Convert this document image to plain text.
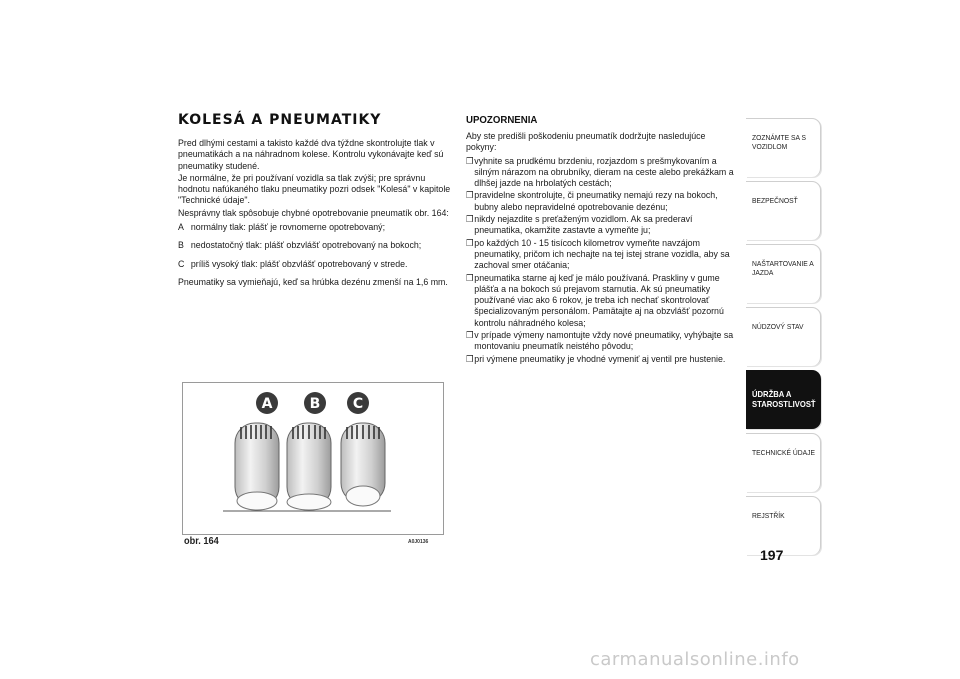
KOLESÁ A PNEUMATIKY

Pred dlhými cestami a takisto každé dva týždne skontrolujte tlak v pneumatikách a na náhradnom kolese. Kontrolu vykonávajte keď sú pneumatiky studené.

Je normálne, že pri používaní vozidla sa tlak zvýši; pre správnu hodnotu nafúkaného tlaku pneumatiky pozri odsek "Kolesá" v kapitole "Technické údaje".

Nesprávny tlak spôsobuje chybné opotrebovanie pneumatík obr. 164:

A normálny tlak: plášť je rovnomerne opotrebovaný;
B nedostatočný tlak: plášť obzvlášť opotrebovaný na bokoch;
C príliš vysoký tlak: plášť obzvlášť opotrebovaný v strede.

Pneumatiky sa vymieňajú, keď sa hrúbka dezénu zmenší na 1,6 mm.

A	B C
obr. 164	A0J0136
UPOZORNENIA

Aby ste predišli poškodeniu pneumatík dodržujte nasledujúce pokyny:

❒ vyhnite sa prudkému brzdeniu, rozjazdom s prešmykovaním a silným nárazom na obrubníky, dieram na ceste alebo prekážkam a dlhšej jazde na hrbolatých cestách;
❒ pravidelne skontrolujte, či pneumatiky nemajú rezy na bokoch, bubny alebo nepravidelné opotrebovanie dezénu;
❒ nikdy nejazdite s preťaženým vozidlom. Ak sa prederaví pneumatika, okamžite zastavte a vymeňte ju;
❒ po každých 10 - 15 tisícoch kilometrov vymeňte navzájom pneumatiky, pričom ich nechajte na tej istej strane vozidla, aby sa zachoval smer otáčania;
❒ pneumatika starne aj keď je málo používaná. Praskliny v gume plášťa a na bokoch sú prejavom starnutia. Ak sú pneumatiky používané viac ako 6 rokov, je treba ich nechať skontrolovať špecializovaným personálom. Pamätajte aj na obzvlášť pozornú kontrolu náhradného kolesa;
❒ v prípade výmeny namontujte vždy nové pneumatiky, vyhýbajte sa montovaniu pneumatík neistého pôvodu;
❒ pri výmene pneumatiky je vhodné vymeniť aj ventil pre hustenie.
ZOZNÁMTE SA S VOZIDLOM
BEZPEČNOSŤ
NAŠTARTOVANIE A JAZDA
NÚDZOVÝ STAV
ÚDRŽBA A STAROSTLIVOSŤ
TECHNICKÉ ÚDAJE
REJSTŘÍK
197
carmanualsonline.info
